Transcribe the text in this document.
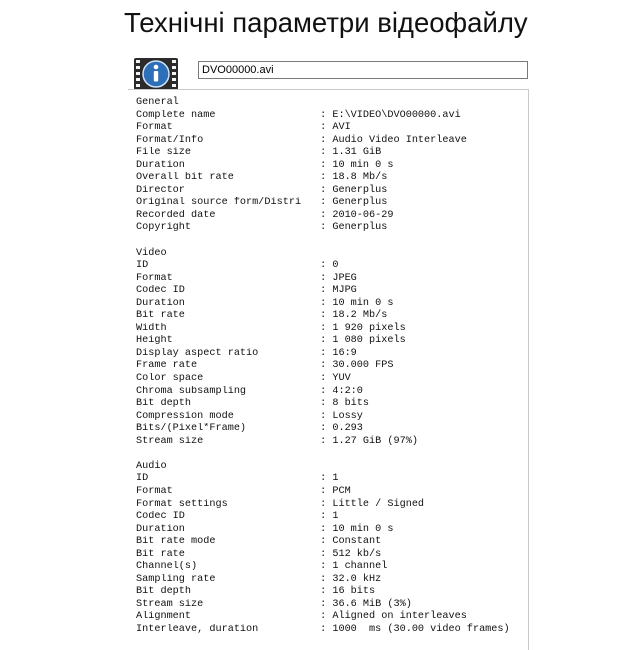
Технічні параметри відеофайлу
DVO00000.avi
General
Complete name	: E:\VIDEO\DVO00000.avi
Format	: AVI
Format/Info	: Audio Video Interleave
File size	: 1.31 GiB
Duration	: 10 min 0 s
Overall bit rate	: 18.8 Mb/s
Director	: Generplus
Original source form/Distri : Generplus
Recorded date	: 2010-06-29
Copyright	: Generplus
Video
ID	: 0
Format	: JPEG
Codec ID	: MJPG
Duration	: 10 min 0 s
Bit rate	: 18.2 Mb/s
Width	: 1 920 pixels
Height	: 1 080 pixels
Display aspect ratio	: 16:9
Frame rate	: 30.000 FPS
Color space	: YUV
Chroma subsampling	: 4:2:0
Bit depth	: 8 bits
Compression mode	: Lossy
Bits/(Pixel*Frame)	: 0.293
Stream size	: 1.27 GiB (97%)
Audio
ID	: 1
Format	: PCM
Format settings	: Little / Signed
Codec ID	: 1
Duration	: 10 min 0 s
Bit rate mode	: Constant
Bit rate	: 512 kb/s
Channel(s)	: 1 channel
Sampling rate	: 32.0 kHz
Bit depth	: 16 bits
Stream size	: 36.6 MiB (3%)
Alignment	: Aligned on interleaves
Interleave, duration	: 1000  ms (30.00 video frames)
